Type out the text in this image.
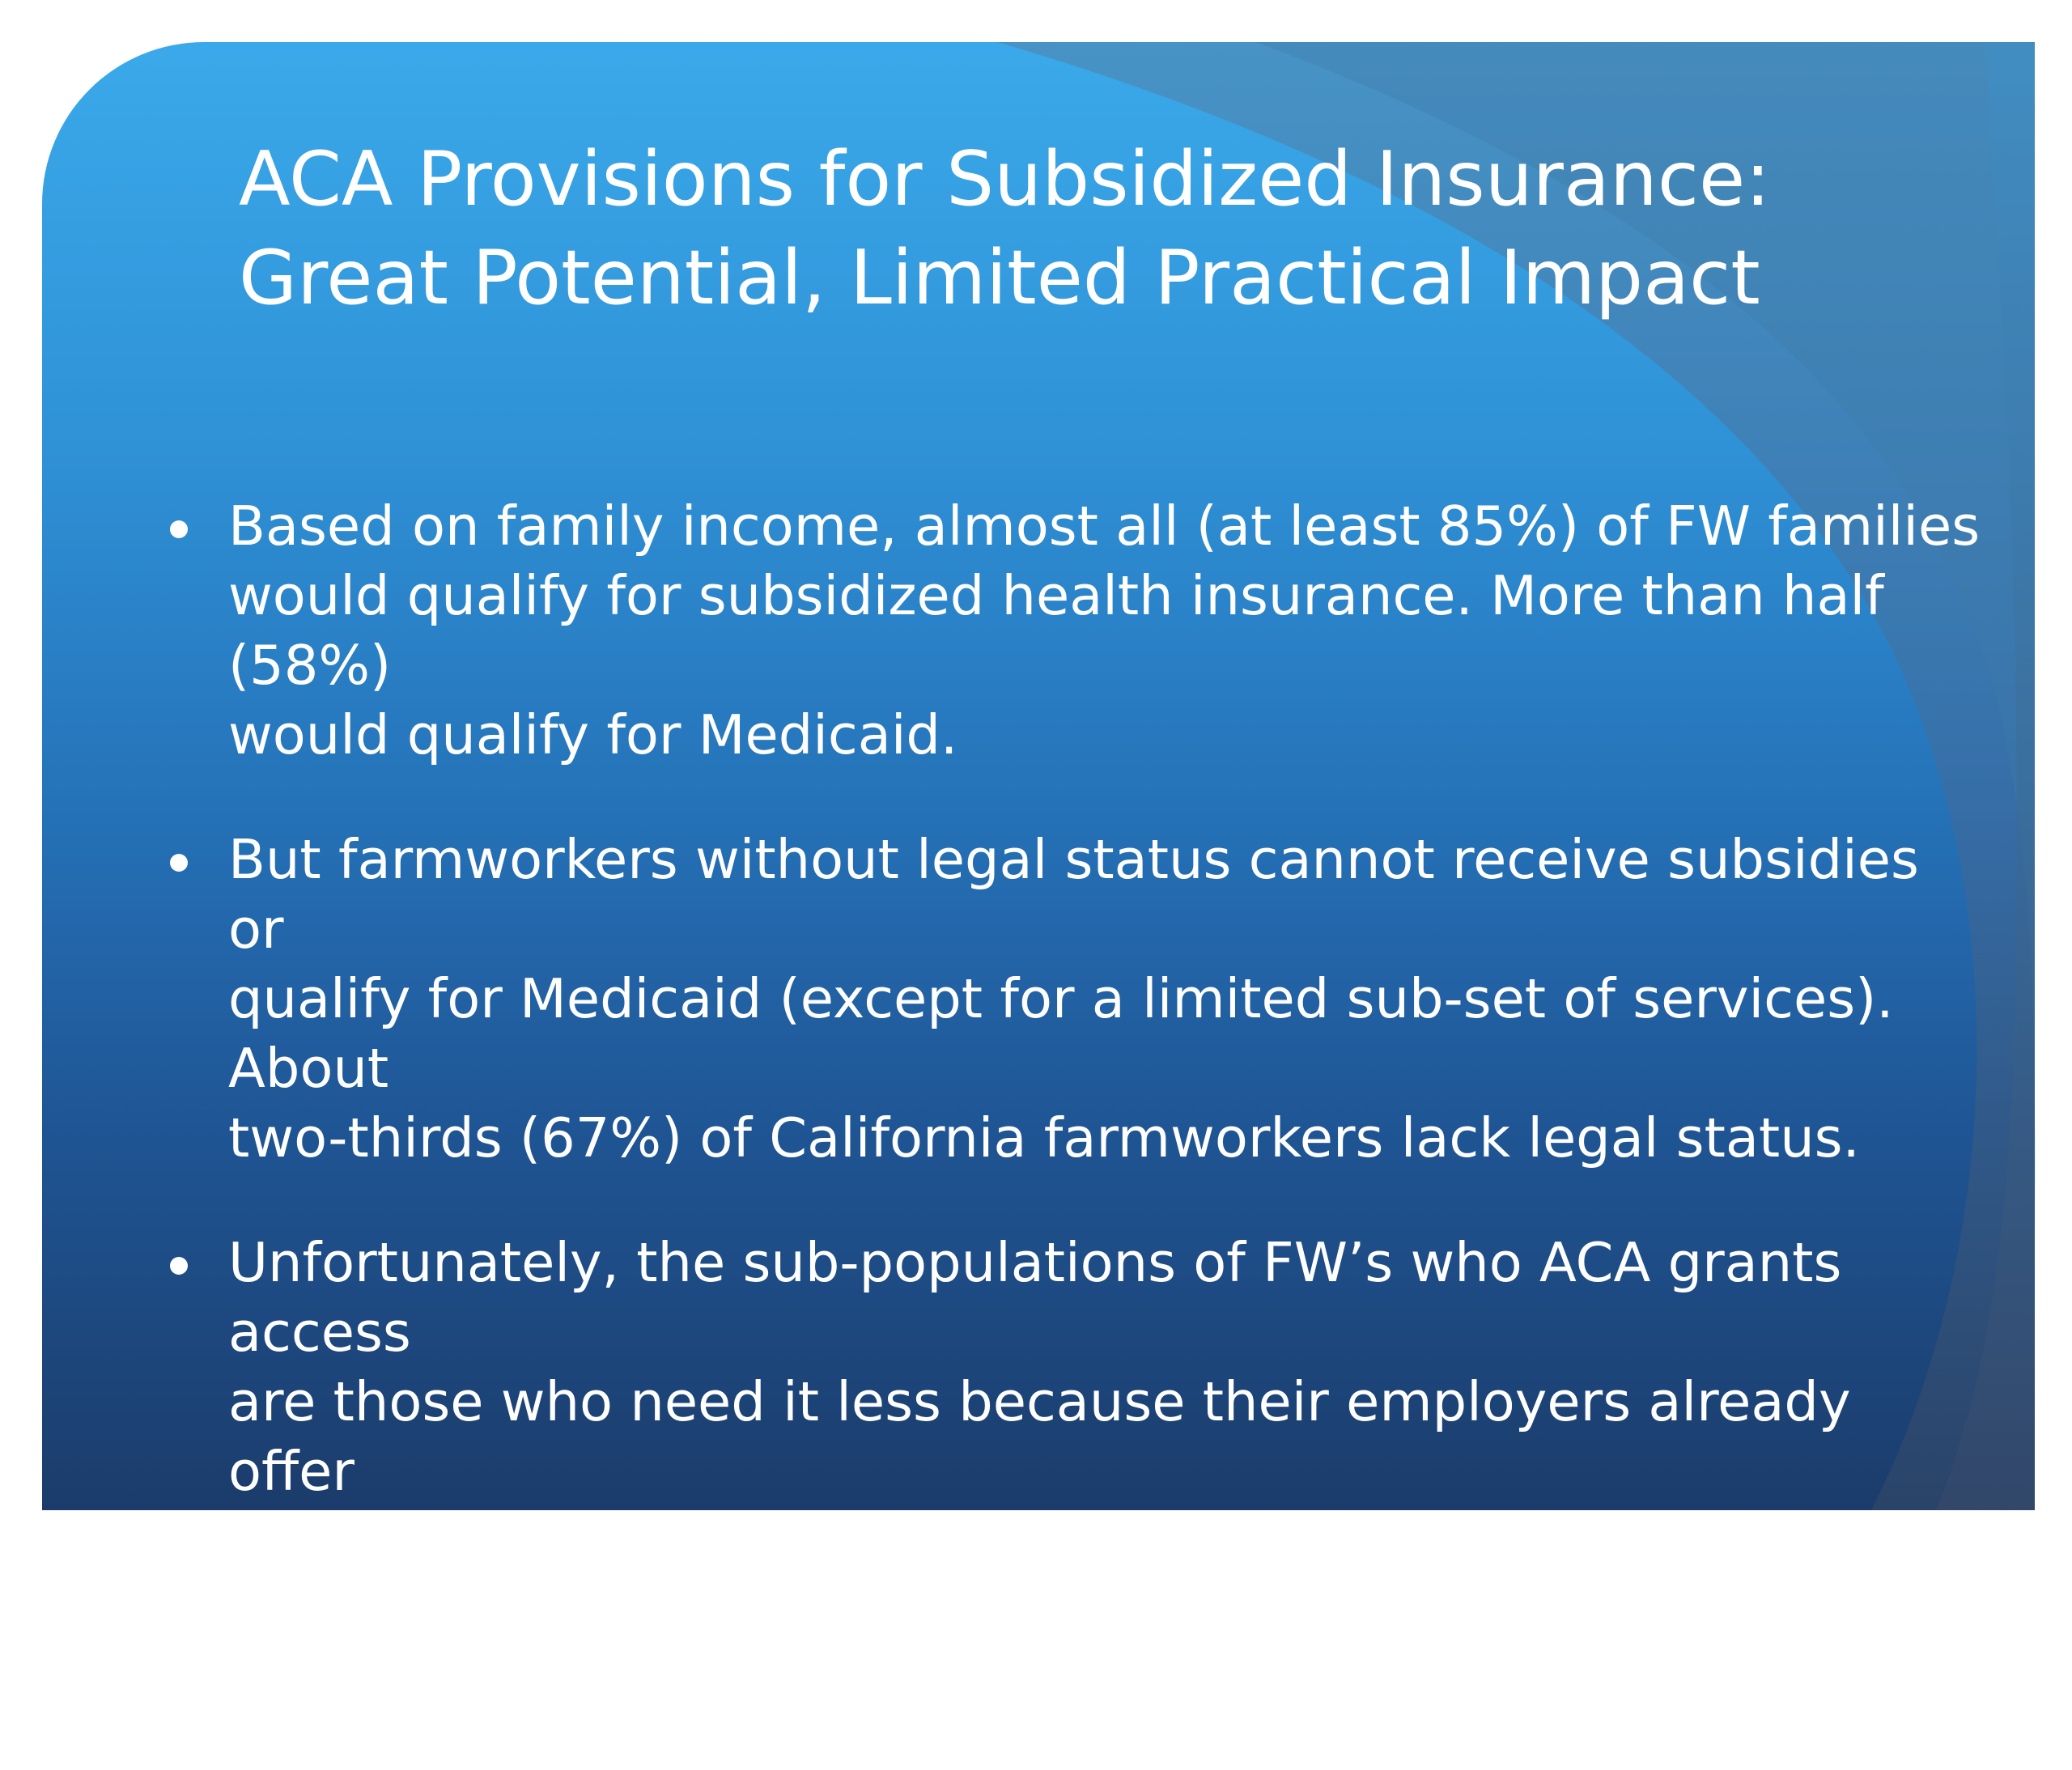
ACA Provisions for Subsidized Insurance:
Great Potential, Limited Practical Impact
Based on family income, almost all (at least 85%) of FW families
would qualify for subsidized health insurance. More than half (58%)
would qualify for Medicaid.
But farmworkers without legal status cannot receive subsidies or
qualify for Medicaid (except for a limited sub-set of services). About
two-thirds (67%) of California farmworkers lack legal status.
Unfortunately, the sub-populations of FW’s who ACA grants access
are those who need it less because their employers already offer
them insurance and those who most need access are those who are
denied access due to legal status
